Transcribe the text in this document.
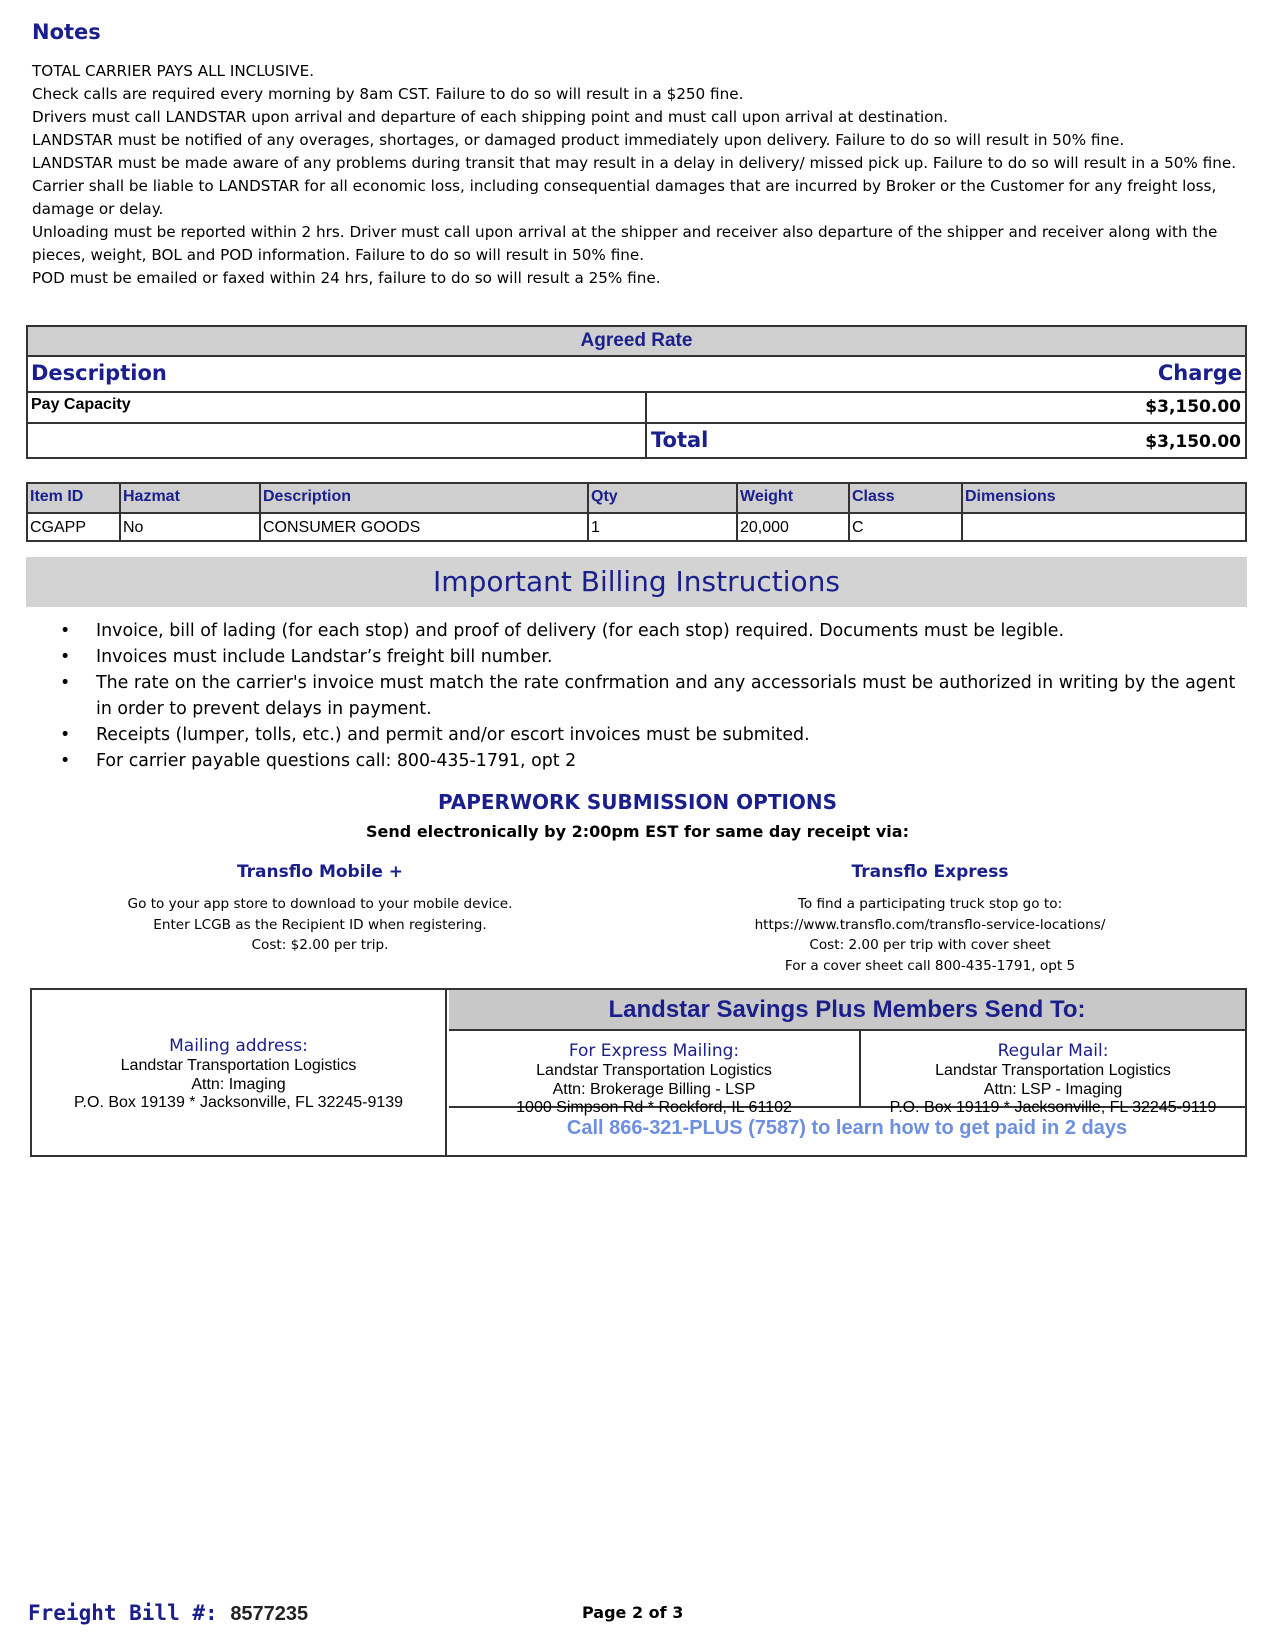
Notes

TOTAL CARRIER PAYS ALL INCLUSIVE.

Check calls are required every morning by 8am CST. Failure to do so will result in a $250 fine.

Drivers must call LANDSTAR upon arrival and departure of each shipping point and must call upon arrival at destination.

LANDSTAR must be notified of any overages, shortages, or damaged product immediately upon delivery. Failure to do so will result in 50% fine.

LANDSTAR must be made aware of any problems during transit that may result in a delay in delivery/ missed pick up. Failure to do so will result in a 50% fine.

Carrier shall be liable to LANDSTAR for all economic loss, including consequential damages that are incurred by Broker or the Customer for any freight loss, damage or delay.

Unloading must be reported within 2 hrs. Driver must call upon arrival at the shipper and receiver also departure of the shipper and receiver along with the pieces, weight, BOL and POD information. Failure to do so will result in 50% fine.

POD must be emailed or faxed within 24 hrs, failure to do so will result a 25% fine.

Agreed Rate
Description	Charge
Pay Capacity	$3,150.00
Total	$3,150.00
Item ID	Hazmat	Description	Qty	Weight	Class	Dimensions
CGAPP	No	CONSUMER GOODS	1	20,000	C
Important Billing Instructions
• Invoice, bill of lading (for each stop) and proof of delivery (for each stop) required. Documents must be legible.
• Invoices must include Landstar’s freight bill number.
• The rate on the carrier's invoice must match the rate confrmation and any accessorials must be authorized in writing by the agent in order to prevent delays in payment.
• Receipts (lumper, tolls, etc.) and permit and/or escort invoices must be submited.
• For carrier payable questions call: 800-435-1791, opt 2
PAPERWORK SUBMISSION OPTIONS
Send electronically by 2:00pm EST for same day receipt via:
Transflo Mobile +
Go to your app store to download to your mobile device.
Enter LCGB as the Recipient ID when registering.
Cost: $2.00 per trip.
Transflo Express
To find a participating truck stop go to:
https://www.transflo.com/transflo-service-locations/
Cost: 2.00 per trip with cover sheet
For a cover sheet call 800-435-1791, opt 5
Mailing address:
Landstar Transportation Logistics
Attn: Imaging
P.O. Box 19139 * Jacksonville, FL 32245-9139
Landstar Savings Plus Members Send To:
For Express Mailing:
Landstar Transportation Logistics
Attn: Brokerage Billing - LSP
1000 Simpson Rd * Rockford, IL 61102
Regular Mail:
Landstar Transportation Logistics
Attn: LSP - Imaging
P.O. Box 19119 * Jacksonville, FL 32245-9119
Call 866-321-PLUS (7587) to learn how to get paid in 2 days
Freight Bill #: 8577235	Page 2 of 3
